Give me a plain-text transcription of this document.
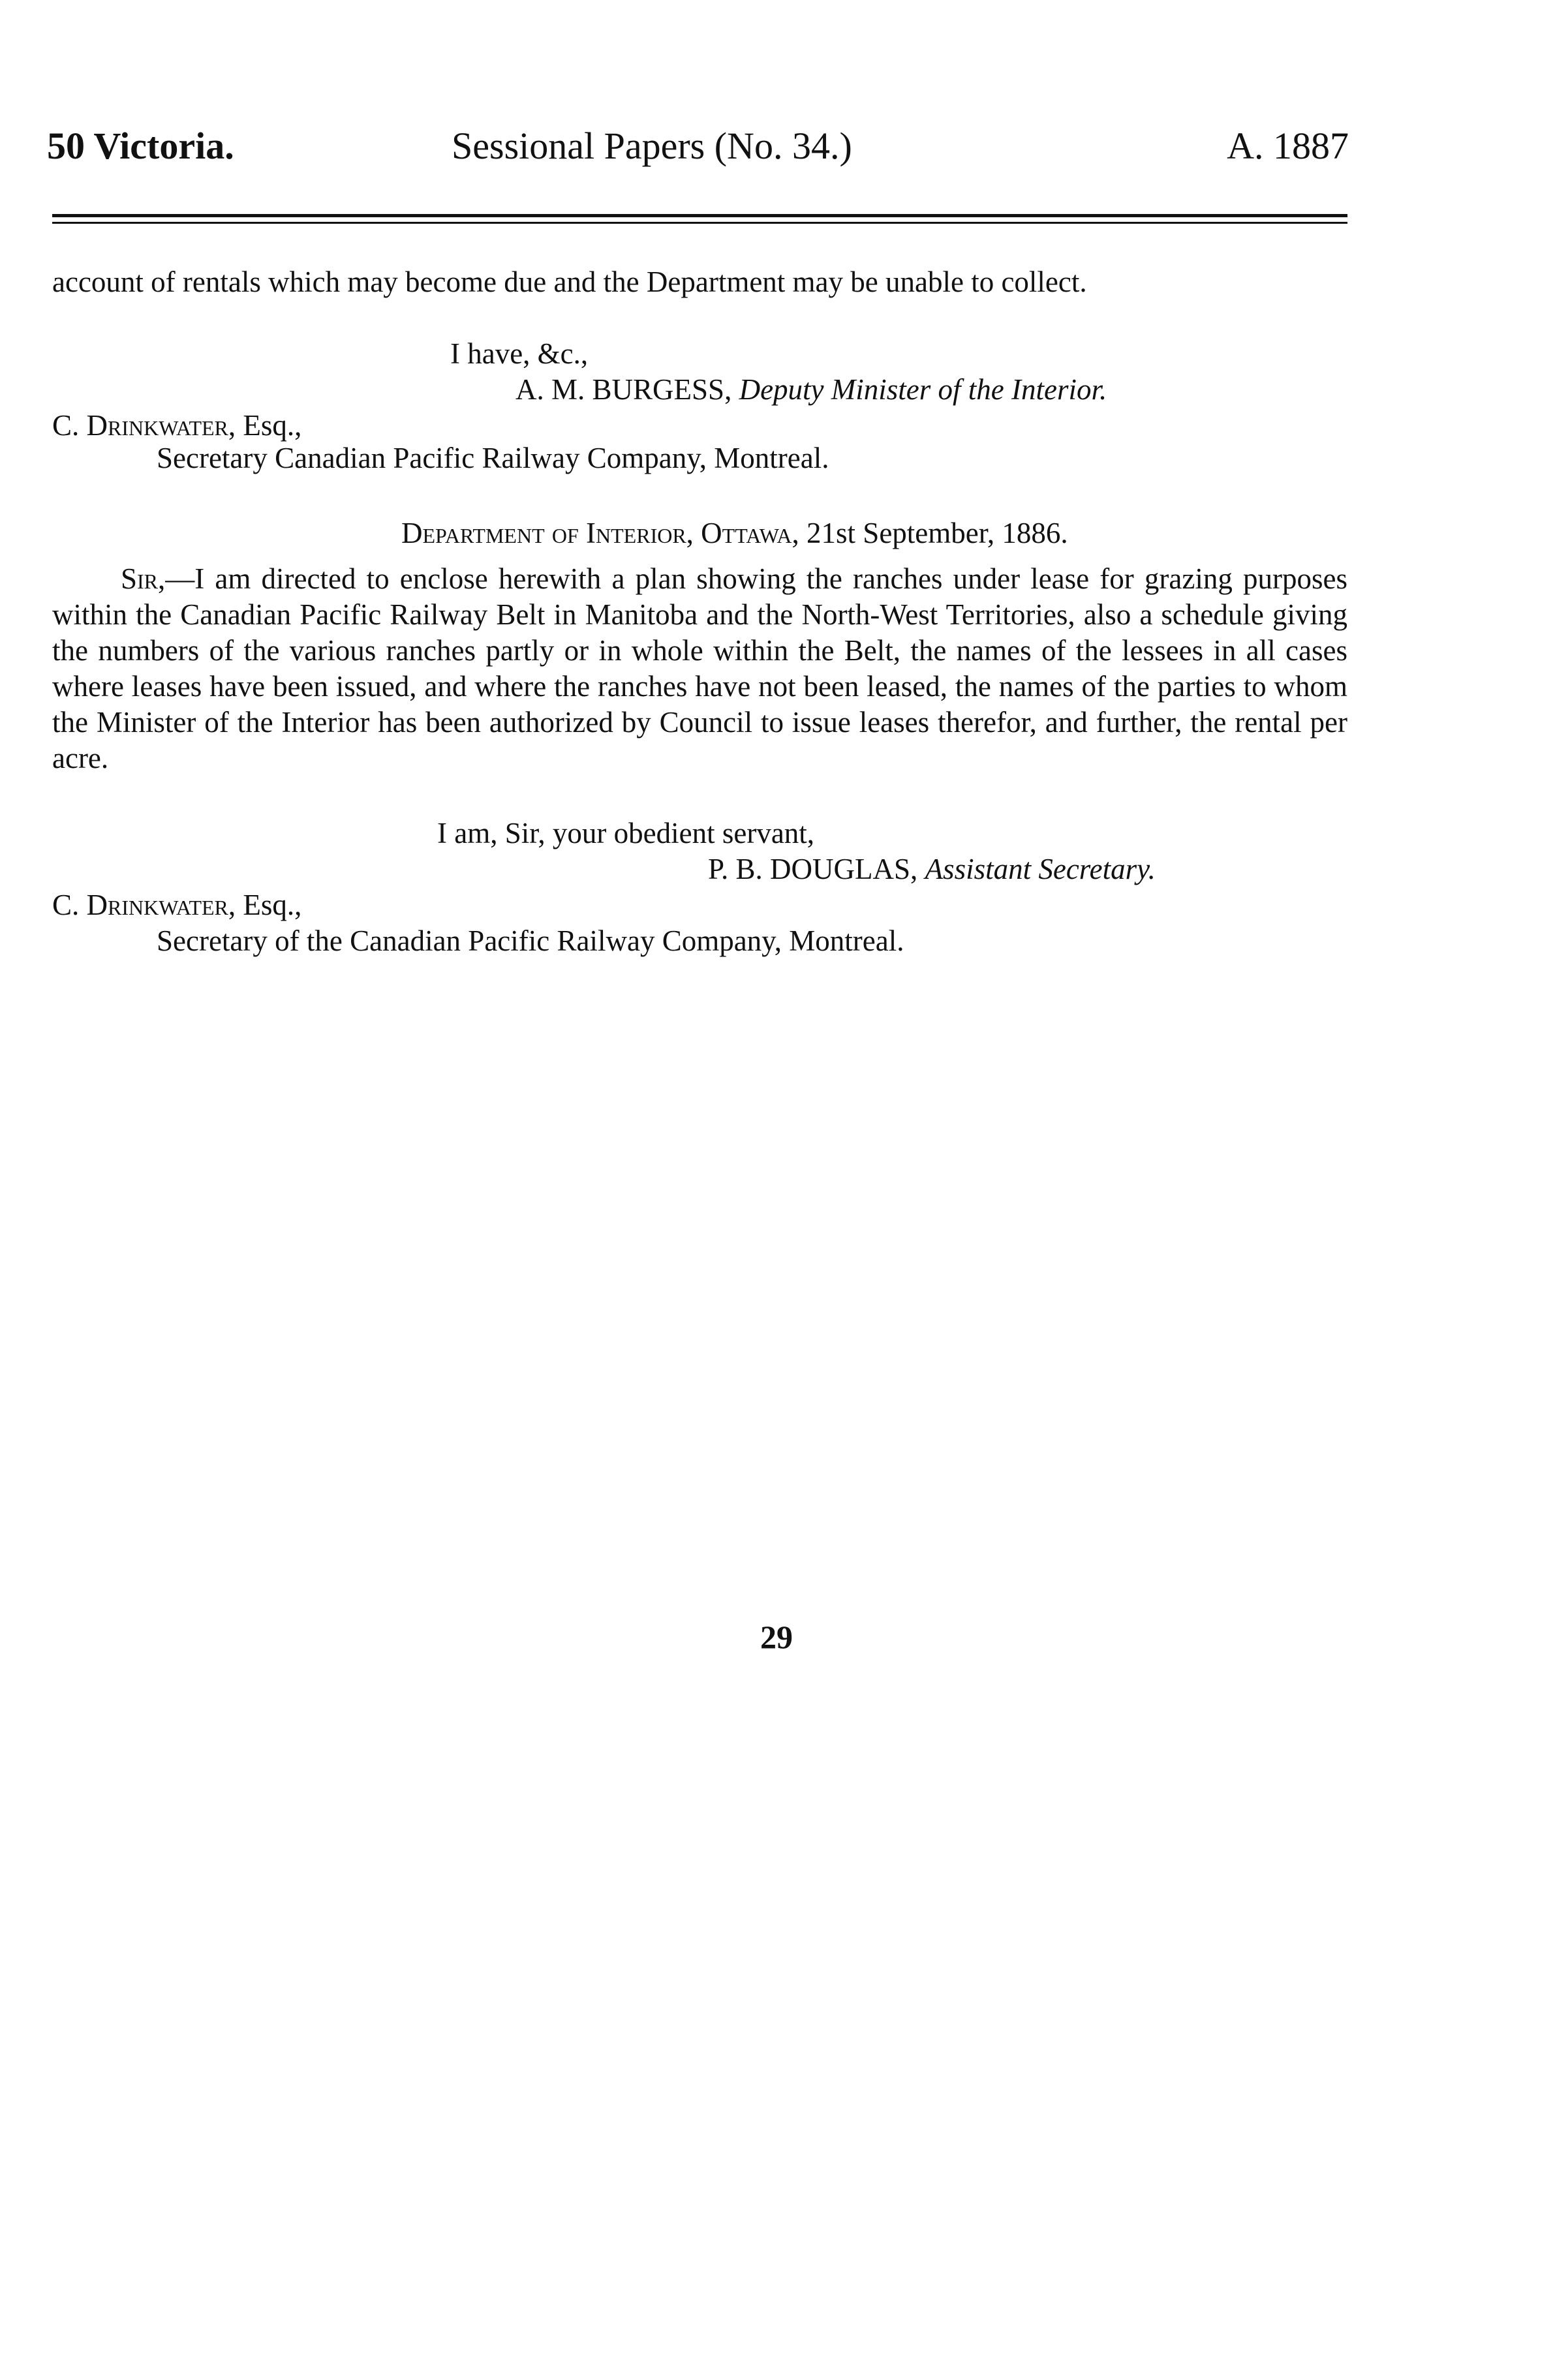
50 Victoria.	Sessional Papers (No. 34.)	A. 1887
account of rentals which may become due and the Department may be unable to collect.
I have, &c.,
A. M. BURGESS, Deputy Minister of the Interior.
C. Drinkwater, Esq.,
Secretary Canadian Pacific Railway Company, Montreal.
Department of Interior, Ottawa, 21st September, 1886.
Sir,—I am directed to enclose herewith a plan showing the ranches under lease for grazing purposes within the Canadian Pacific Railway Belt in Manitoba and the North-West Territories, also a schedule giving the numbers of the various ranches partly or in whole within the Belt, the names of the lessees in all cases where leases have been issued, and where the ranches have not been leased, the names of the parties to whom the Minister of the Interior has been authorized by Council to issue leases therefor, and further, the rental per acre.
I am, Sir, your obedient servant,
P. B. DOUGLAS, Assistant Secretary.
C. Drinkwater, Esq.,
Secretary of the Canadian Pacific Railway Company, Montreal.
29
